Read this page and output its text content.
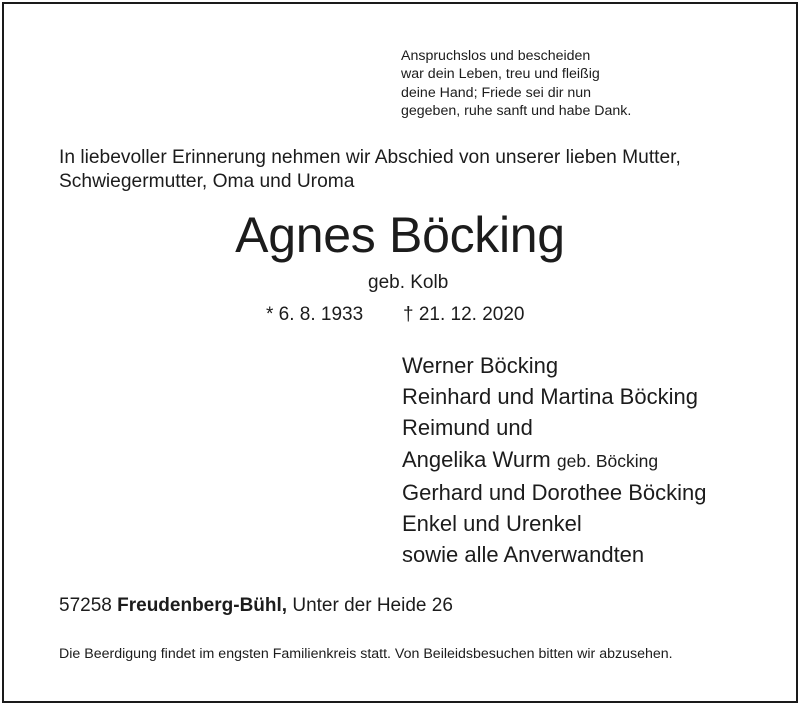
Anspruchslos und bescheiden
war dein Leben, treu und fleißig
deine Hand; Friede sei dir nun
gegeben, ruhe sanft und habe Dank.
In liebevoller Erinnerung nehmen wir Abschied von unserer lieben Mutter,
Schwiegermutter, Oma und Uroma
Agnes Böcking
geb. Kolb
* 6. 8. 1933 † 21. 12. 2020
Werner Böcking
Reinhard und Martina Böcking
Reimund und
Angelika Wurm geb. Böcking
Gerhard und Dorothee Böcking
Enkel und Urenkel
sowie alle Anverwandten
57258 Freudenberg-Bühl, Unter der Heide 26
Die Beerdigung findet im engsten Familienkreis statt. Von Beileidsbesuchen bitten wir abzusehen.
